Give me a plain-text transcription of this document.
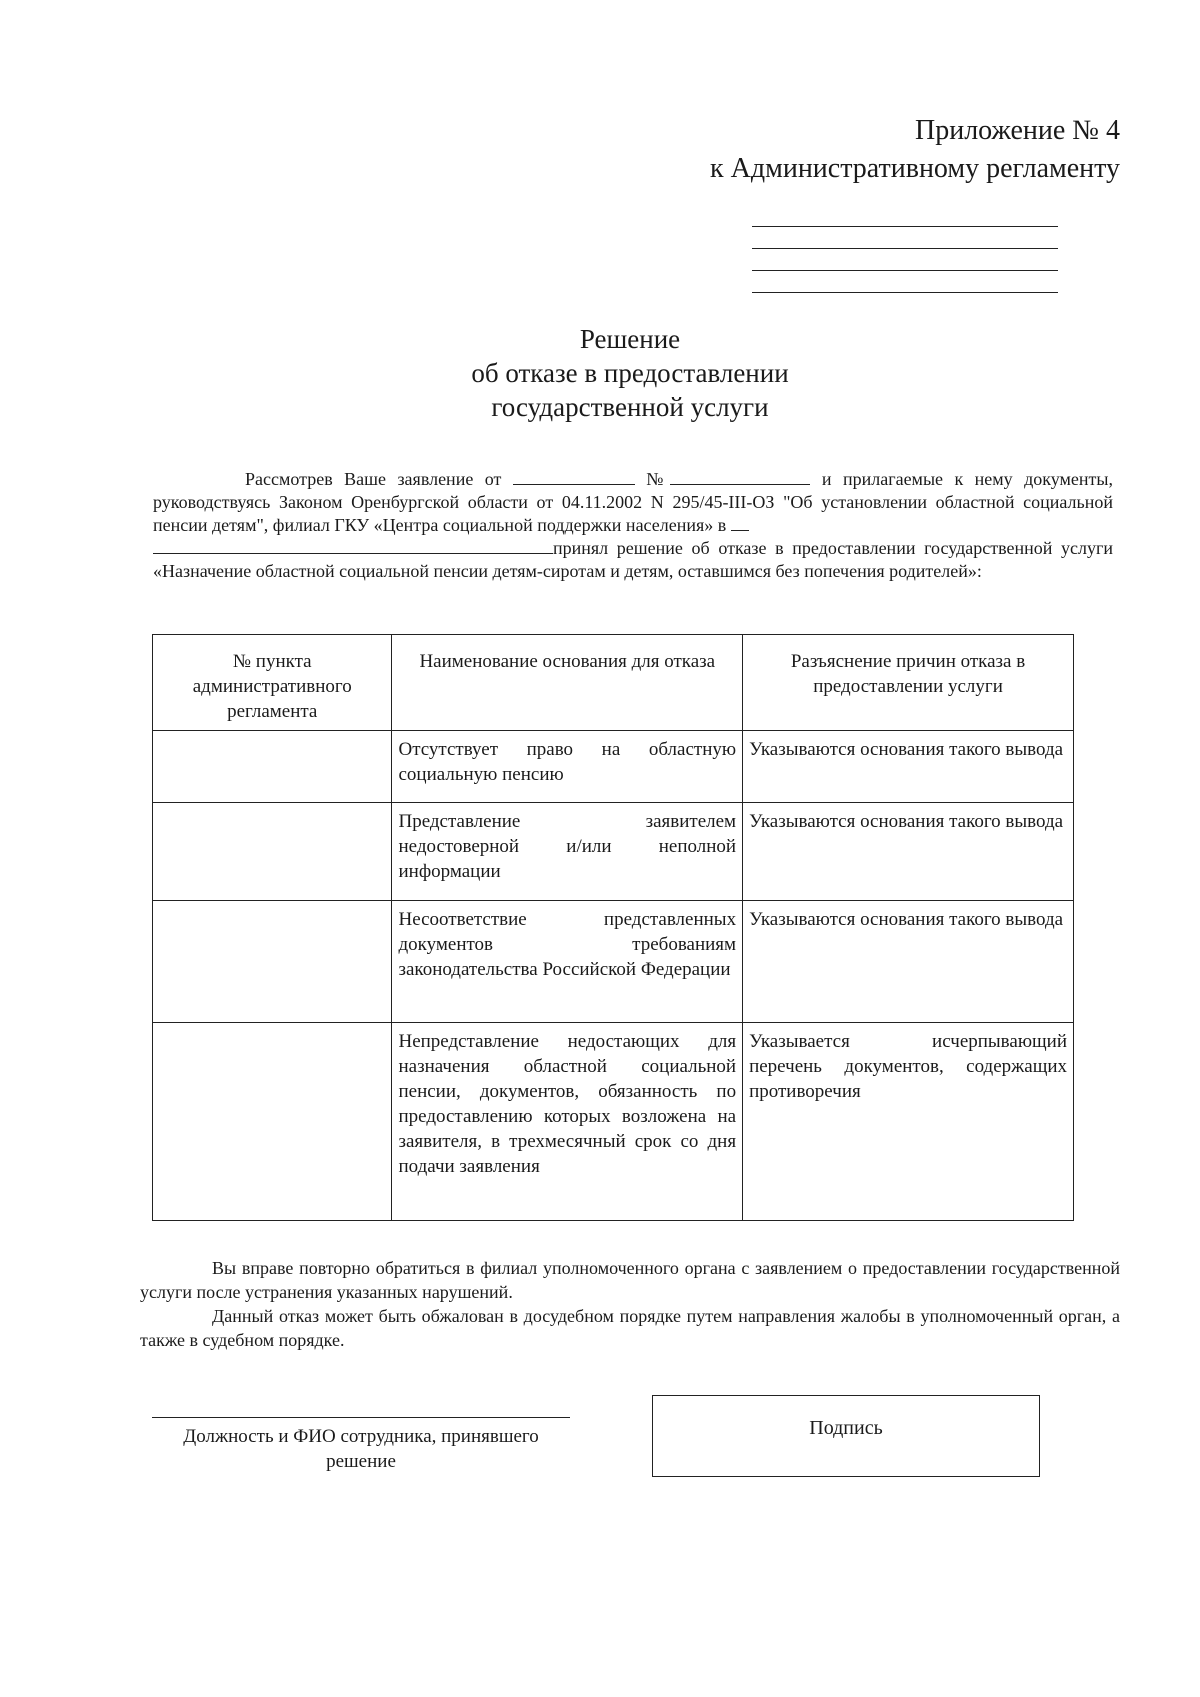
Приложение № 4
к Административному регламенту
Решение
об отказе в предоставлении
государственной услуги
Рассмотрев Ваше заявление от	№	и прилагаемые к нему документы, руководствуясь Законом Оренбургской области от 04.11.2002 N 295/45-III-ОЗ "Об установлении областной социальной пенсии детям", филиал ГКУ «Центра социальной поддержки населения» в
принял решение об отказе в предоставлении государственной услуги «Назначение областной социальной пенсии детям-сиротам и детям, оставшимся без попечения родителей»:
№ пункта административного регламента	Наименование основания для отказа	Разъяснение причин отказа в предоставлении услуги
	Отсутствует право на областную социальную пенсию	Указываются основания такого вывода
	Представление заявителем недостоверной и/или неполной информации	Указываются основания такого вывода
	Несоответствие представленных документов требованиям законодательства Российской Федерации	Указываются основания такого вывода
	Непредставление недостающих для назначения областной социальной пенсии, документов, обязанность по предоставлению которых возложена на заявителя, в трехмесячный срок со дня подачи заявления	Указывается исчерпывающий перечень документов, содержащих противоречия

Вы вправе повторно обратиться в филиал уполномоченного органа с заявлением о предоставлении государственной услуги после устранения указанных нарушений.

Данный отказ может быть обжалован в досудебном порядке путем направления жалобы в уполномоченный орган, а также в судебном порядке.

Должность и ФИО сотрудника, принявшего решение
Подпись
